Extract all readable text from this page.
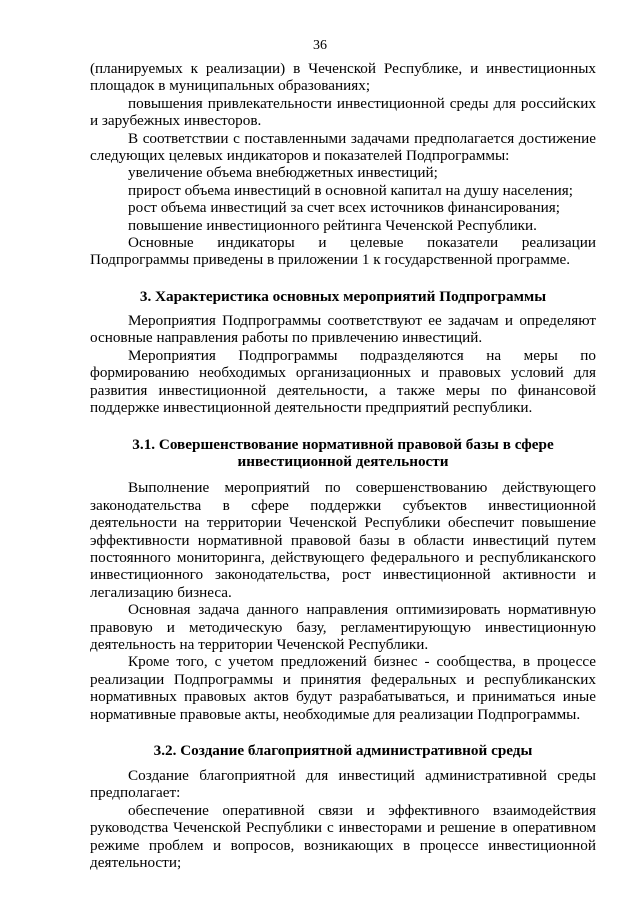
36

(планируемых к реализации) в Чеченской Республике, и инвестиционных площадок в муниципальных образованиях;

повышения привлекательности инвестиционной среды для российских и зарубежных инвесторов.

В соответствии с поставленными задачами предполагается достижение следующих целевых индикаторов и показателей Подпрограммы:

увеличение объема внебюджетных инвестиций;

прирост объема инвестиций в основной капитал на душу населения;

рост объема инвестиций за счет всех источников финансирования;

повышение инвестиционного рейтинга Чеченской Республики.

Основные индикаторы и целевые показатели реализации Подпрограммы приведены в приложении 1 к государственной программе.

3. Характеристика основных мероприятий Подпрограммы

Мероприятия Подпрограммы соответствуют ее задачам и определяют основные направления работы по привлечению инвестиций.

Мероприятия Подпрограммы подразделяются на меры по формированию необходимых организационных и правовых условий для развития инвестиционной деятельности, а также меры по финансовой поддержке инвестиционной деятельности предприятий республики.

3.1. Совершенствование нормативной правовой базы в сфере
инвестиционной деятельности

Выполнение мероприятий по совершенствованию действующего законодательства в сфере поддержки субъектов инвестиционной деятельности на территории Чеченской Республики обеспечит повышение эффективности нормативной правовой базы в области инвестиций путем постоянного мониторинга, действующего федерального и республиканского инвестиционного законодательства, рост инвестиционной активности и легализацию бизнеса.

Основная задача данного направления оптимизировать нормативную правовую и методическую базу, регламентирующую инвестиционную деятельность на территории Чеченской Республики.

Кроме того, с учетом предложений бизнес - сообщества, в процессе реализации Подпрограммы и принятия федеральных и республиканских нормативных правовых актов будут разрабатываться, и приниматься иные нормативные правовые акты, необходимые для реализации Подпрограммы.

3.2. Создание благоприятной административной среды

Создание благоприятной для инвестиций административной среды предполагает:

обеспечение оперативной связи и эффективного взаимодействия руководства Чеченской Республики с инвесторами и решение в оперативном режиме проблем и вопросов, возникающих в процессе инвестиционной деятельности;
